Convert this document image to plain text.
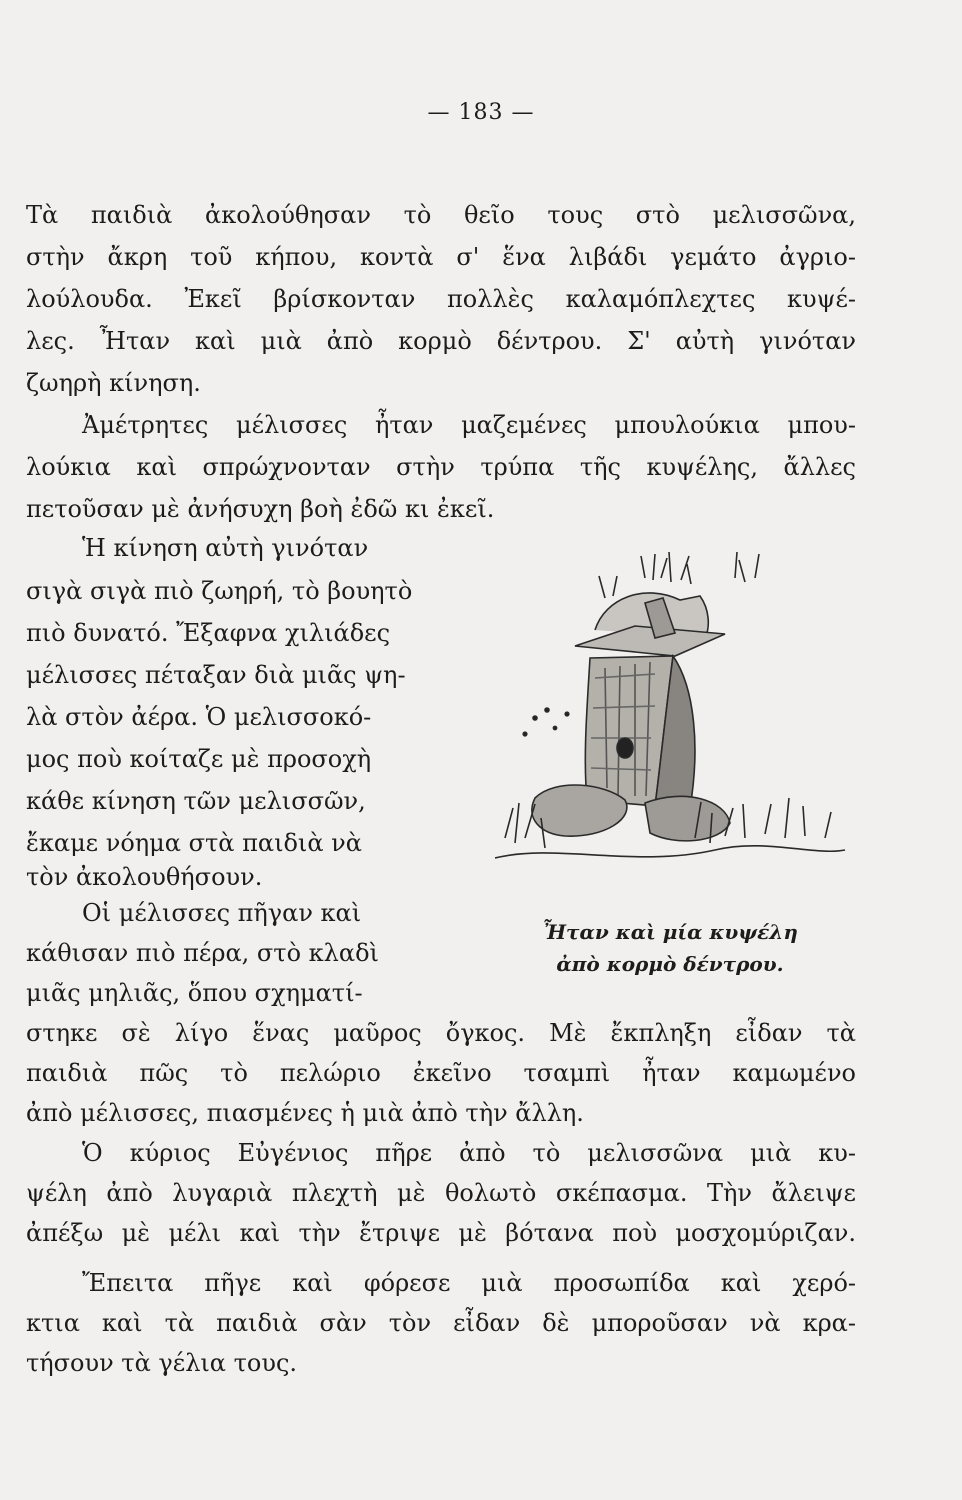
— 183 —
Τὰ παιδιὰ ἀκολούθησαν τὸ θεῖο τους στὸ μελισσῶνα,
στὴν ἄκρη τοῦ κήπου, κοντὰ σ' ἕνα λιβάδι γεμάτο ἀγριο-
λούλουδα. Ἐκεῖ βρίσκονταν πολλὲς καλαμόπλεχτες κυψέ-
λες. Ἦταν καὶ μιὰ ἀπὸ κορμὸ δέντρου. Σ' αὐτὴ γινόταν
ζωηρὴ κίνηση.
Ἀμέτρητες μέλισσες ἦταν μαζεμένες μπουλούκια μπου-
λούκια καὶ σπρώχνονταν στὴν τρύπα τῆς κυψέλης, ἄλλες
πετοῦσαν μὲ ἀνήσυχη βοὴ ἐδῶ κι ἐκεῖ.
Ἡ κίνηση αὐτὴ γινόταν
σιγὰ σιγὰ πιὸ ζωηρή, τὸ βουητὸ
πιὸ δυνατό. Ἔξαφνα χιλιάδες
μέλισσες πέταξαν διὰ μιᾶς ψη-
λὰ στὸν ἀέρα. Ὁ μελισσοκό-
μος ποὺ κοίταζε μὲ προσοχὴ
κάθε κίνηση τῶν μελισσῶν,
ἔκαμε νόημα στὰ παιδιὰ νὰ
τὸν ἀκολουθήσουν.
Οἱ μέλισσες πῆγαν καὶ
κάθισαν πιὸ πέρα, στὸ κλαδὶ
μιᾶς μηλιᾶς, ὅπου σχηματί-
στηκε σὲ λίγο ἕνας μαῦρος ὄγκος. Μὲ ἔκπληξη εἶδαν τὰ
παιδιὰ πῶς τὸ πελώριο ἐκεῖνο τσαμπὶ ἦταν καμωμένο
ἀπὸ μέλισσες, πιασμένες ἡ μιὰ ἀπὸ τὴν ἄλλη.
Ὁ κύριος Εὐγένιος πῆρε ἀπὸ τὸ μελισσῶνα μιὰ κυ-
ψέλη ἀπὸ λυγαριὰ πλεχτὴ μὲ θολωτὸ σκέπασμα. Τὴν ἄλειψε
ἀπέξω μὲ μέλι καὶ τὴν ἔτριψε μὲ βότανα ποὺ μοσχομύριζαν.
Ἔπειτα πῆγε καὶ φόρεσε μιὰ προσωπίδα καὶ χερό-
κτια καὶ τὰ παιδιὰ σὰν τὸν εἶδαν δὲ μποροῦσαν νὰ κρα-
τήσουν τὰ γέλια τους.
Ἦταν καὶ μία κυψέλη
ἀπὸ κορμὸ δέντρου.
